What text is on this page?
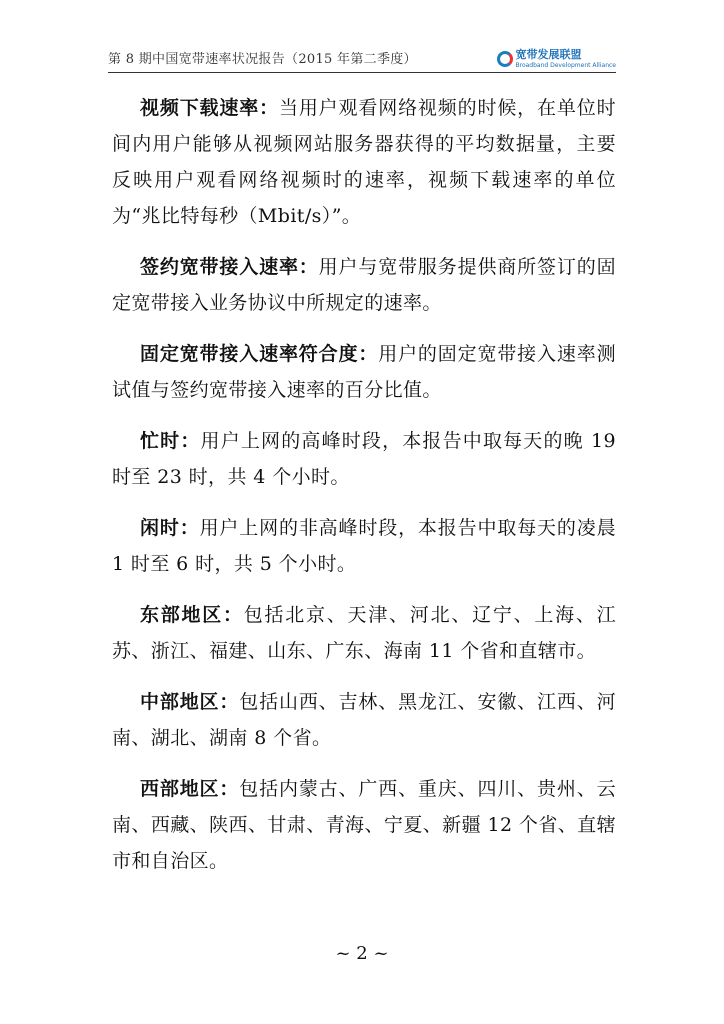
第 8 期中国宽带速率状况报告（2015 年第二季度）	宽带发展联盟
Broadband Development Alliance

视频下载速率：当用户观看网络视频的时候，在单位时间内用户能够从视频网站服务器获得的平均数据量，主要反映用户观看网络视频时的速率，视频下载速率的单位为“兆比特每秒（Mbit/s）”。

签约宽带接入速率：用户与宽带服务提供商所签订的固定宽带接入业务协议中所规定的速率。

固定宽带接入速率符合度：用户的固定宽带接入速率测试值与签约宽带接入速率的百分比值。

忙时：用户上网的高峰时段，本报告中取每天的晚 19 时至 23 时，共 4 个小时。

闲时：用户上网的非高峰时段，本报告中取每天的凌晨 1 时至 6 时，共 5 个小时。

东部地区：包括北京、天津、河北、辽宁、上海、江苏、浙江、福建、山东、广东、海南 11 个省和直辖市。

中部地区：包括山西、吉林、黑龙江、安徽、江西、河南、湖北、湖南 8 个省。

西部地区：包括内蒙古、广西、重庆、四川、贵州、云南、西藏、陕西、甘肃、青海、宁夏、新疆 12 个省、直辖市和自治区。

~ 2 ~
